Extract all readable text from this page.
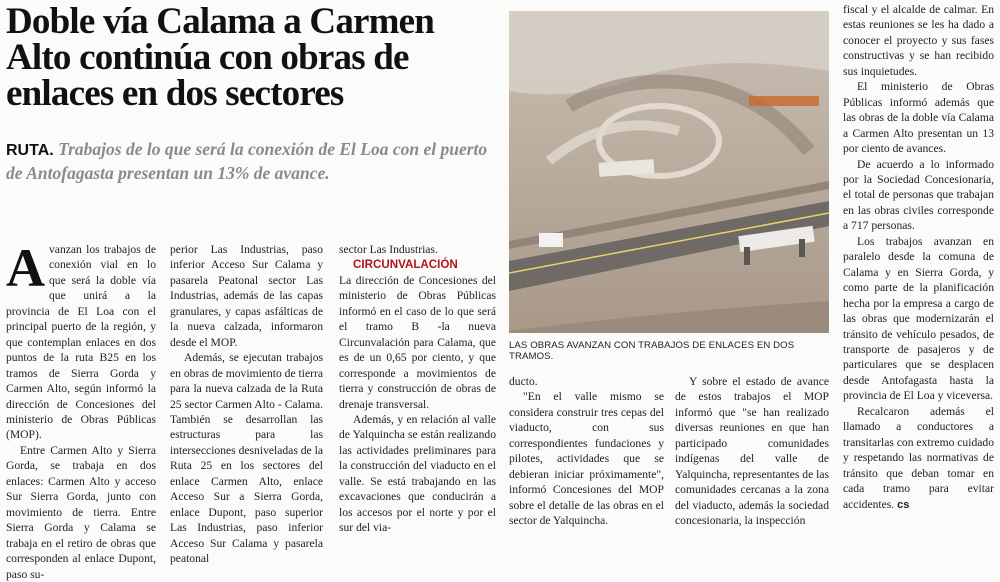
Doble vía Calama a Carmen Alto continúa con obras de enlaces en dos sectores
RUTA. Trabajos de lo que será la conexión de El Loa con el puerto de Antofagasta presentan un 13% de avance.

Avanzan los trabajos de conexión vial en lo que será la doble vía que unirá a la provincia de El Loa con el principal puerto de la región, y que contemplan enlaces en dos puntos de la ruta B25 en los tramos de Sierra Gorda y Carmen Alto, según informó la dirección de Concesiones del ministerio de Obras Públicas (MOP).

Entre Carmen Alto y Sierra Gorda, se trabaja en dos enlaces: Carmen Alto y acceso Sur Sierra Gorda, junto con movimiento de tierra. Entre Sierra Gorda y Calama se trabaja en el retiro de obras que corresponden al enlace Dupont, paso su-

perior Las Industrias, paso inferior Acceso Sur Calama y pasarela Peatonal sector Las Industrias, además de las capas granulares, y capas asfálticas de la nueva calzada, informaron desde el MOP.

Además, se ejecutan trabajos en obras de movimiento de tierra para la nueva calzada de la Ruta 25 sector Carmen Alto - Calama. También se desarrollan las estructuras para las intersecciones desniveladas de la Ruta 25 en los sectores del enlace Carmen Alto, enlace Acceso Sur a Sierra Gorda, enlace Dupont, paso superior Las Industrias, paso inferior Acceso Sur Calama y pasarela peatonal

sector Las Industrias.

CIRCUNVALACIÓN

La dirección de Concesiones del ministerio de Obras Públicas informó en el caso de lo que será el tramo B -la nueva Circunvalación para Calama, que es de un 0,65 por ciento, y que corresponde a movimientos de tierra y construcción de obras de drenaje transversal.

Además, y en relación al valle de Yalquincha se están realizando las actividades preliminares para la construcción del viaducto en el valle. Se está trabajando en las excavaciones que conducirán a los accesos por el norte y por el sur del via-

LAS OBRAS AVANZAN CON TRABAJOS DE ENLACES EN DOS TRAMOS.

ducto.

"En el valle mismo se considera construir tres cepas del viaducto, con sus correspondientes fundaciones y pilotes, actividades que se debieran iniciar próximamente", informó Concesiones del MOP sobre el detalle de las obras en el sector de Yalquincha.

Y sobre el estado de avance de estos trabajos el MOP informó que "se han realizado diversas reuniones en que han participado comunidades indígenas del valle de Yalquincha, representantes de las comunidades cercanas a la zona del viaducto, además la sociedad concesionaria, la inspección

fiscal y el alcalde de calmar. En estas reuniones se les ha dado a conocer el proyecto y sus fases constructivas y se han recibido sus inquietudes.

El ministerio de Obras Públicas informó además que las obras de la doble vía Calama a Carmen Alto presentan un 13 por ciento de avances.

De acuerdo a lo informado por la Sociedad Concesionaria, el total de personas que trabajan en las obras civiles corresponde a 717 personas.

Los trabajos avanzan en paralelo desde la comuna de Calama y en Sierra Gorda, y como parte de la planificación hecha por la empresa a cargo de las obras que modernizarán el tránsito de vehículo pesados, de transporte de pasajeros y de particulares que se desplacen desde Antofagasta hasta la provincia de El Loa y viceversa.

Recalcaron además el llamado a conductores a transitarlas con extremo cuidado y respetando las normativas de tránsito que deban tomar en cada tramo para evitar accidentes. cs
